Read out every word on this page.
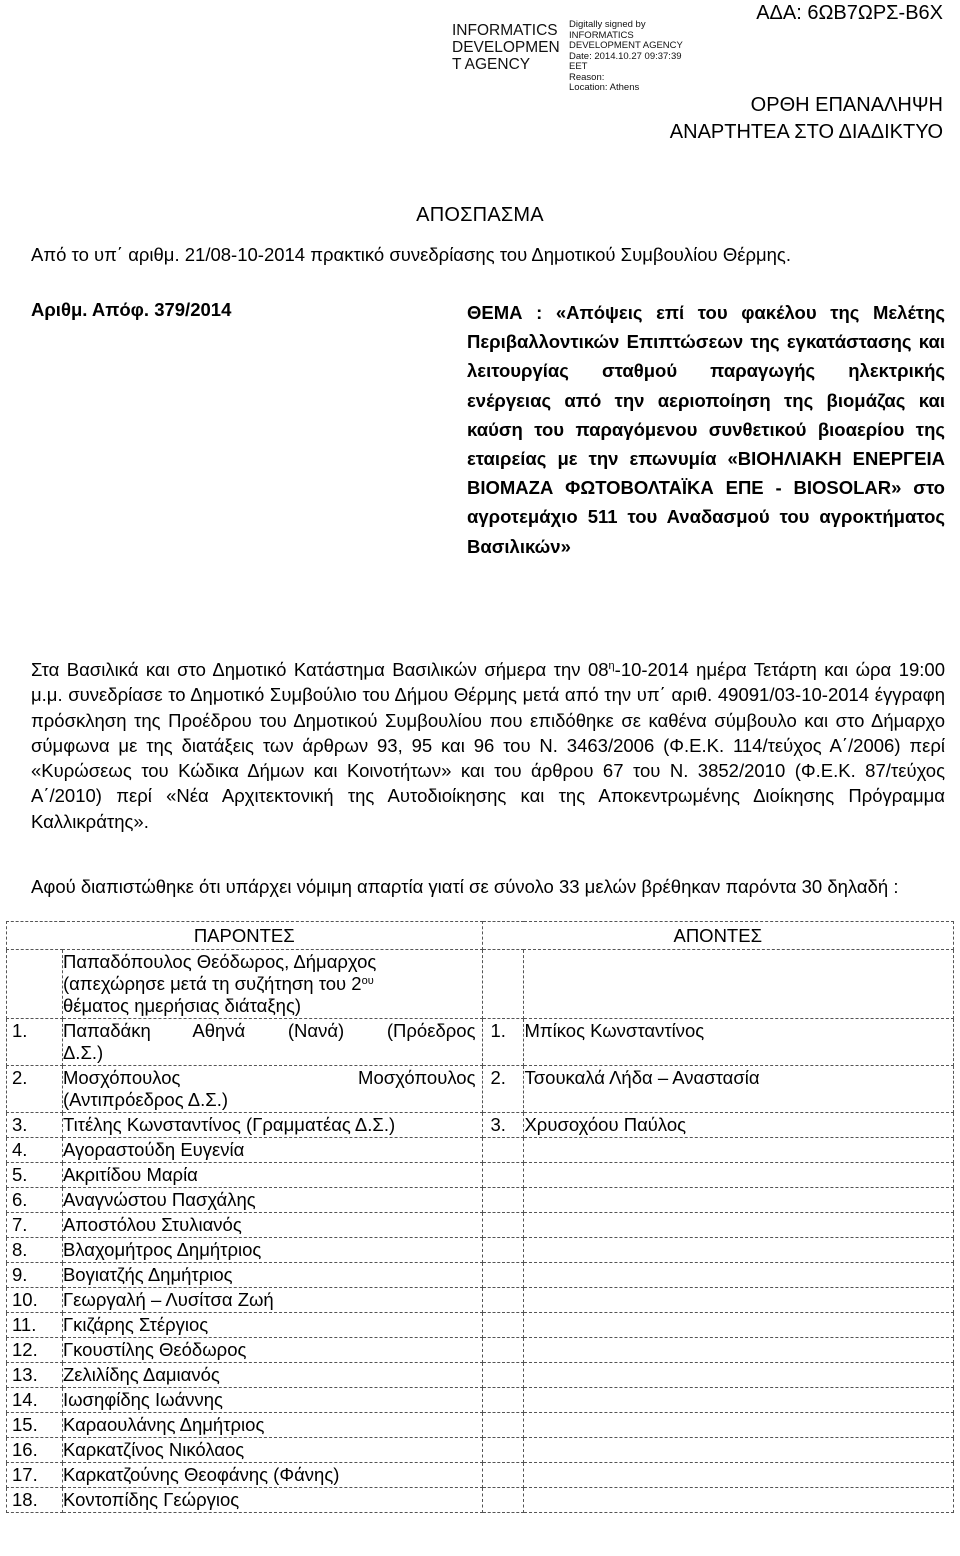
INFORMATICS
DEVELOPMEN
T AGENCY
Digitally signed by
INFORMATICS
DEVELOPMENT AGENCY
Date: 2014.10.27 09:37:39
EET
Reason:
Location: Athens
ΑΔΑ: 6ΩΒ7ΩΡΣ-Β6Χ
ΟΡΘΗ ΕΠΑΝΑΛΗΨΗ
ΑΝΑΡΤΗΤΕΑ ΣΤΟ ΔΙΑΔΙΚΤΥΟ
ΑΠΟΣΠΑΣΜΑ
Από το υπ΄ αριθμ. 21/08-10-2014 πρακτικό συνεδρίασης του Δημοτικού Συμβουλίου Θέρμης.
Αριθμ. Απόφ. 379/2014	ΘΕΜΑ : «Απόψεις επί του φακέλου της Μελέτης Περιβαλλοντικών Επιπτώσεων της εγκατάστασης και λειτουργίας σταθμού παραγωγής ηλεκτρικής ενέργειας από την αεριοποίηση της βιομάζας και καύση του παραγόμενου συνθετικού βιοαερίου της εταιρείας με την επωνυμία «ΒΙΟΗΛΙΑΚΗ ΕΝΕΡΓΕΙΑ ΒΙΟΜΑΖΑ ΦΩΤΟΒΟΛΤΑΪΚΑ ΕΠΕ - BIOSOLAR» στο αγροτεμάχιο 511 του Αναδασμού του αγροκτήματος Βασιλικών»
Στα Βασιλικά και στο Δημοτικό Κατάστημα Βασιλικών σήμερα την $08^\eta-10-2014$ ημέρα Τετάρτη και ώρα 19:00 μ.μ. συνεδρίασε το Δημοτικό Συμβούλιο του Δήμου Θέρμης μετά από την υπ΄ αριθ. 49091/03-10-2014 έγγραφη πρόσκληση της Προέδρου του Δημοτικού Συμβουλίου που επιδόθηκε σε καθένα σύμβουλο και στο Δήμαρχο σύμφωνα με της διατάξεις των άρθρων 93, 95 και 96 του Ν. 3463/2006 (Φ.Ε.Κ. 114/τεύχος Α΄/2006) περί «Κυρώσεως του Κώδικα Δήμων και Κοινοτήτων» και του άρθρου 67 του Ν. 3852/2010 (Φ.Ε.Κ. 87/τεύχος Α΄/2010) περί «Νέα Αρχιτεκτονική της Αυτοδιοίκησης και της Αποκεντρωμένης Διοίκησης Πρόγραμμα Καλλικράτης».
Αφού διαπιστώθηκε ότι υπάρχει νόμιμη απαρτία γιατί σε σύνολο 33 μελών βρέθηκαν παρόντα 30 δηλαδή :
ΠΑΡΟΝΤΕΣ		ΑΠΟΝΤΕΣ	

	Παπαδόπουλος Θεόδωρος, Δήμαρχος
(απεχώρησε μετά τη συζήτηση του $2^{o\upsilon}$
θέματος ημερήσιας διάταξης)		

1.	Παπαδάκη Αθηνά (Νανά) (Πρόεδρος
Δ.Σ.)	1.	Μπίκος Κωνσταντίνος
2.	Μοσχόπουλος Μοσχόπουλος
(Αντιπρόεδρος Δ.Σ.)	2.	Τσουκαλά Λήδα – Αναστασία
3.	Τιτέλης Κωνσταντίνος (Γραμματέας Δ.Σ.)	3.	Χρυσοχόου Παύλος
4.	Αγοραστούδη Ευγενία		

5.	Ακριτίδου Μαρία		

6.	Αναγνώστου Πασχάλης		

7.	Αποστόλου Στυλιανός		

8.	Βλαχομήτρος Δημήτριος		

9.	Βογιατζής Δημήτριος		

10.	Γεωργαλή – Λυσίτσα Ζωή		

11.	Γκιζάρης Στέργιος		

12.	Γκουστίλης Θεόδωρος		

13.	Ζελιλίδης Δαμιανός		

14.	Ιωσηφίδης Ιωάννης		

15.	Καραουλάνης Δημήτριος		

16.	Καρκατζίνος Νικόλαος		

17.	Καρκατζούνης Θεοφάνης (Φάνης)		

18.	Κοντοπίδης Γεώργιος		
